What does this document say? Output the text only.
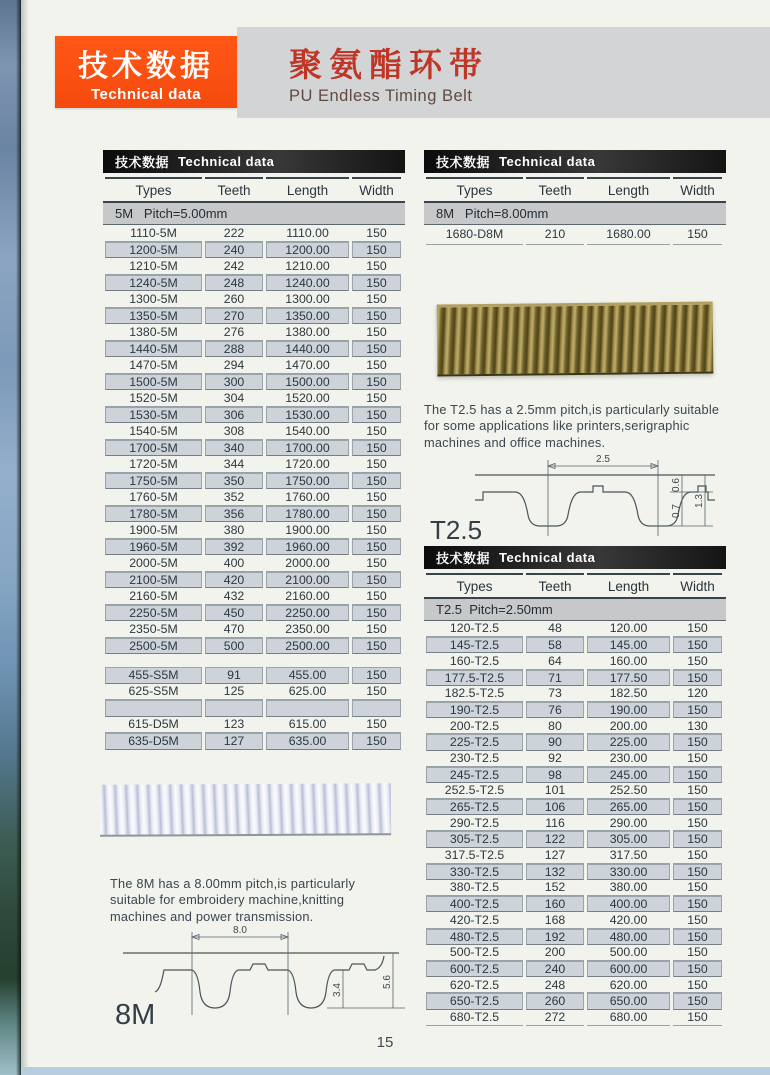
聚氨酯环带
PU Endless Timing Belt
技术数据
Technical data
技术数据 Technical data
Types	Teeth	Length	Width
5M   Pitch=5.00mm
1110-5M	222	1110.00	150
1200-5M	240	1200.00	150
1210-5M	242	1210.00	150
1240-5M	248	1240.00	150
1300-5M	260	1300.00	150
1350-5M	270	1350.00	150
1380-5M	276	1380.00	150
1440-5M	288	1440.00	150
1470-5M	294	1470.00	150
1500-5M	300	1500.00	150
1520-5M	304	1520.00	150
1530-5M	306	1530.00	150
1540-5M	308	1540.00	150
1700-5M	340	1700.00	150
1720-5M	344	1720.00	150
1750-5M	350	1750.00	150
1760-5M	352	1760.00	150
1780-5M	356	1780.00	150
1900-5M	380	1900.00	150
1960-5M	392	1960.00	150
2000-5M	400	2000.00	150
2100-5M	420	2100.00	150
2160-5M	432	2160.00	150
2250-5M	450	2250.00	150
2350-5M	470	2350.00	150
2500-5M	500	2500.00	150
455-S5M	91	455.00	150
625-S5M	125	625.00	150
615-D5M	123	615.00	150
635-D5M	127	635.00	150
技术数据 Technical data
Types	Teeth	Length	Width
8M   Pitch=8.00mm
1680-D8M	210	1680.00	150
The T2.5 has a 2.5mm pitch,is particularly suitable for some applications like printers,serigraphic machines and office machines.
2.5
0.6
0.7
1.3
T2.5
技术数据 Technical data
Types	Teeth	Length	Width
T2.5  Pitch=2.50mm
120-T2.5	48	120.00	150
145-T2.5	58	145.00	150
160-T2.5	64	160.00	150
177.5-T2.5	71	177.50	150
182.5-T2.5	73	182.50	120
190-T2.5	76	190.00	150
200-T2.5	80	200.00	130
225-T2.5	90	225.00	150
230-T2.5	92	230.00	150
245-T2.5	98	245.00	150
252.5-T2.5	101	252.50	150
265-T2.5	106	265.00	150
290-T2.5	116	290.00	150
305-T2.5	122	305.00	150
317.5-T2.5	127	317.50	150
330-T2.5	132	330.00	150
380-T2.5	152	380.00	150
400-T2.5	160	400.00	150
420-T2.5	168	420.00	150
480-T2.5	192	480.00	150
500-T2.5	200	500.00	150
600-T2.5	240	600.00	150
620-T2.5	248	620.00	150
650-T2.5	260	650.00	150
680-T2.5	272	680.00	150
The 8M has a 8.00mm pitch,is particularly suitable for embroidery machine,knitting machines and power transmission.
8.0
3.4
5.6
8M
15
